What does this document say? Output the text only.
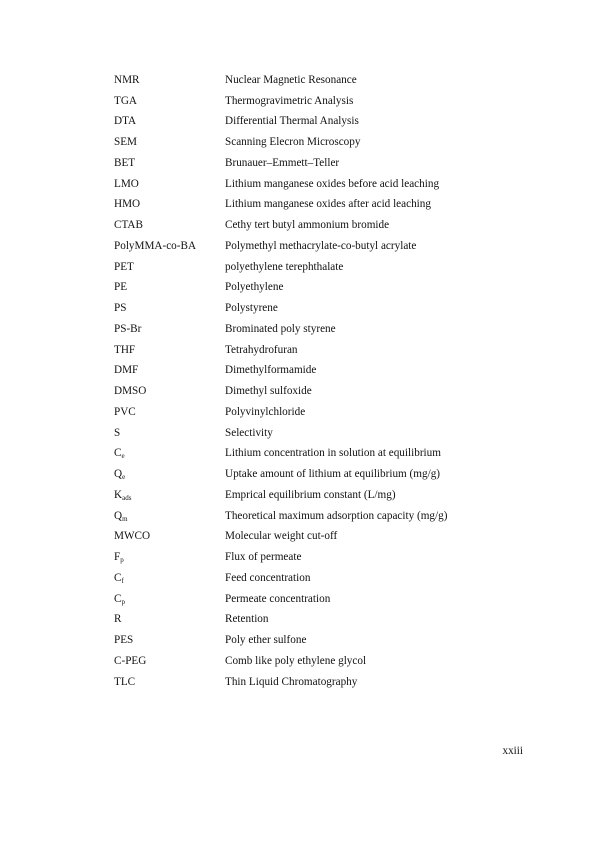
NMR	Nuclear Magnetic Resonance
TGA	Thermogravimetric Analysis
DTA	Differential Thermal Analysis
SEM	Scanning Elecron Microscopy
BET	Brunauer–Emmett–Teller
LMO	Lithium manganese oxides before acid leaching
HMO	Lithium manganese oxides after acid leaching
CTAB	Cethy tert butyl ammonium bromide
PolyMMA-co-BA	Polymethyl methacrylate-co-butyl acrylate
PET	polyethylene terephthalate
PE	Polyethylene
PS	Polystyrene
PS-Br	Brominated poly styrene
THF	Tetrahydrofuran
DMF	Dimethylformamide
DMSO	Dimethyl sulfoxide
PVC	Polyvinylchloride
S	Selectivity
$C_e$	Lithium concentration in solution at equilibrium
$Q_e$	Uptake amount of lithium at equilibrium (mg/g)
$K_{ads}$	Emprical equilibrium constant (L/mg)
$Q_m$	Theoretical maximum adsorption capacity (mg/g)
MWCO	Molecular weight cut-off
$F_p$	Flux of permeate
$C_f$	Feed concentration
$C_p$	Permeate concentration
R	Retention
PES	Poly ether sulfone
C-PEG	Comb like poly ethylene glycol
TLC	Thin Liquid Chromatography
xxiii
